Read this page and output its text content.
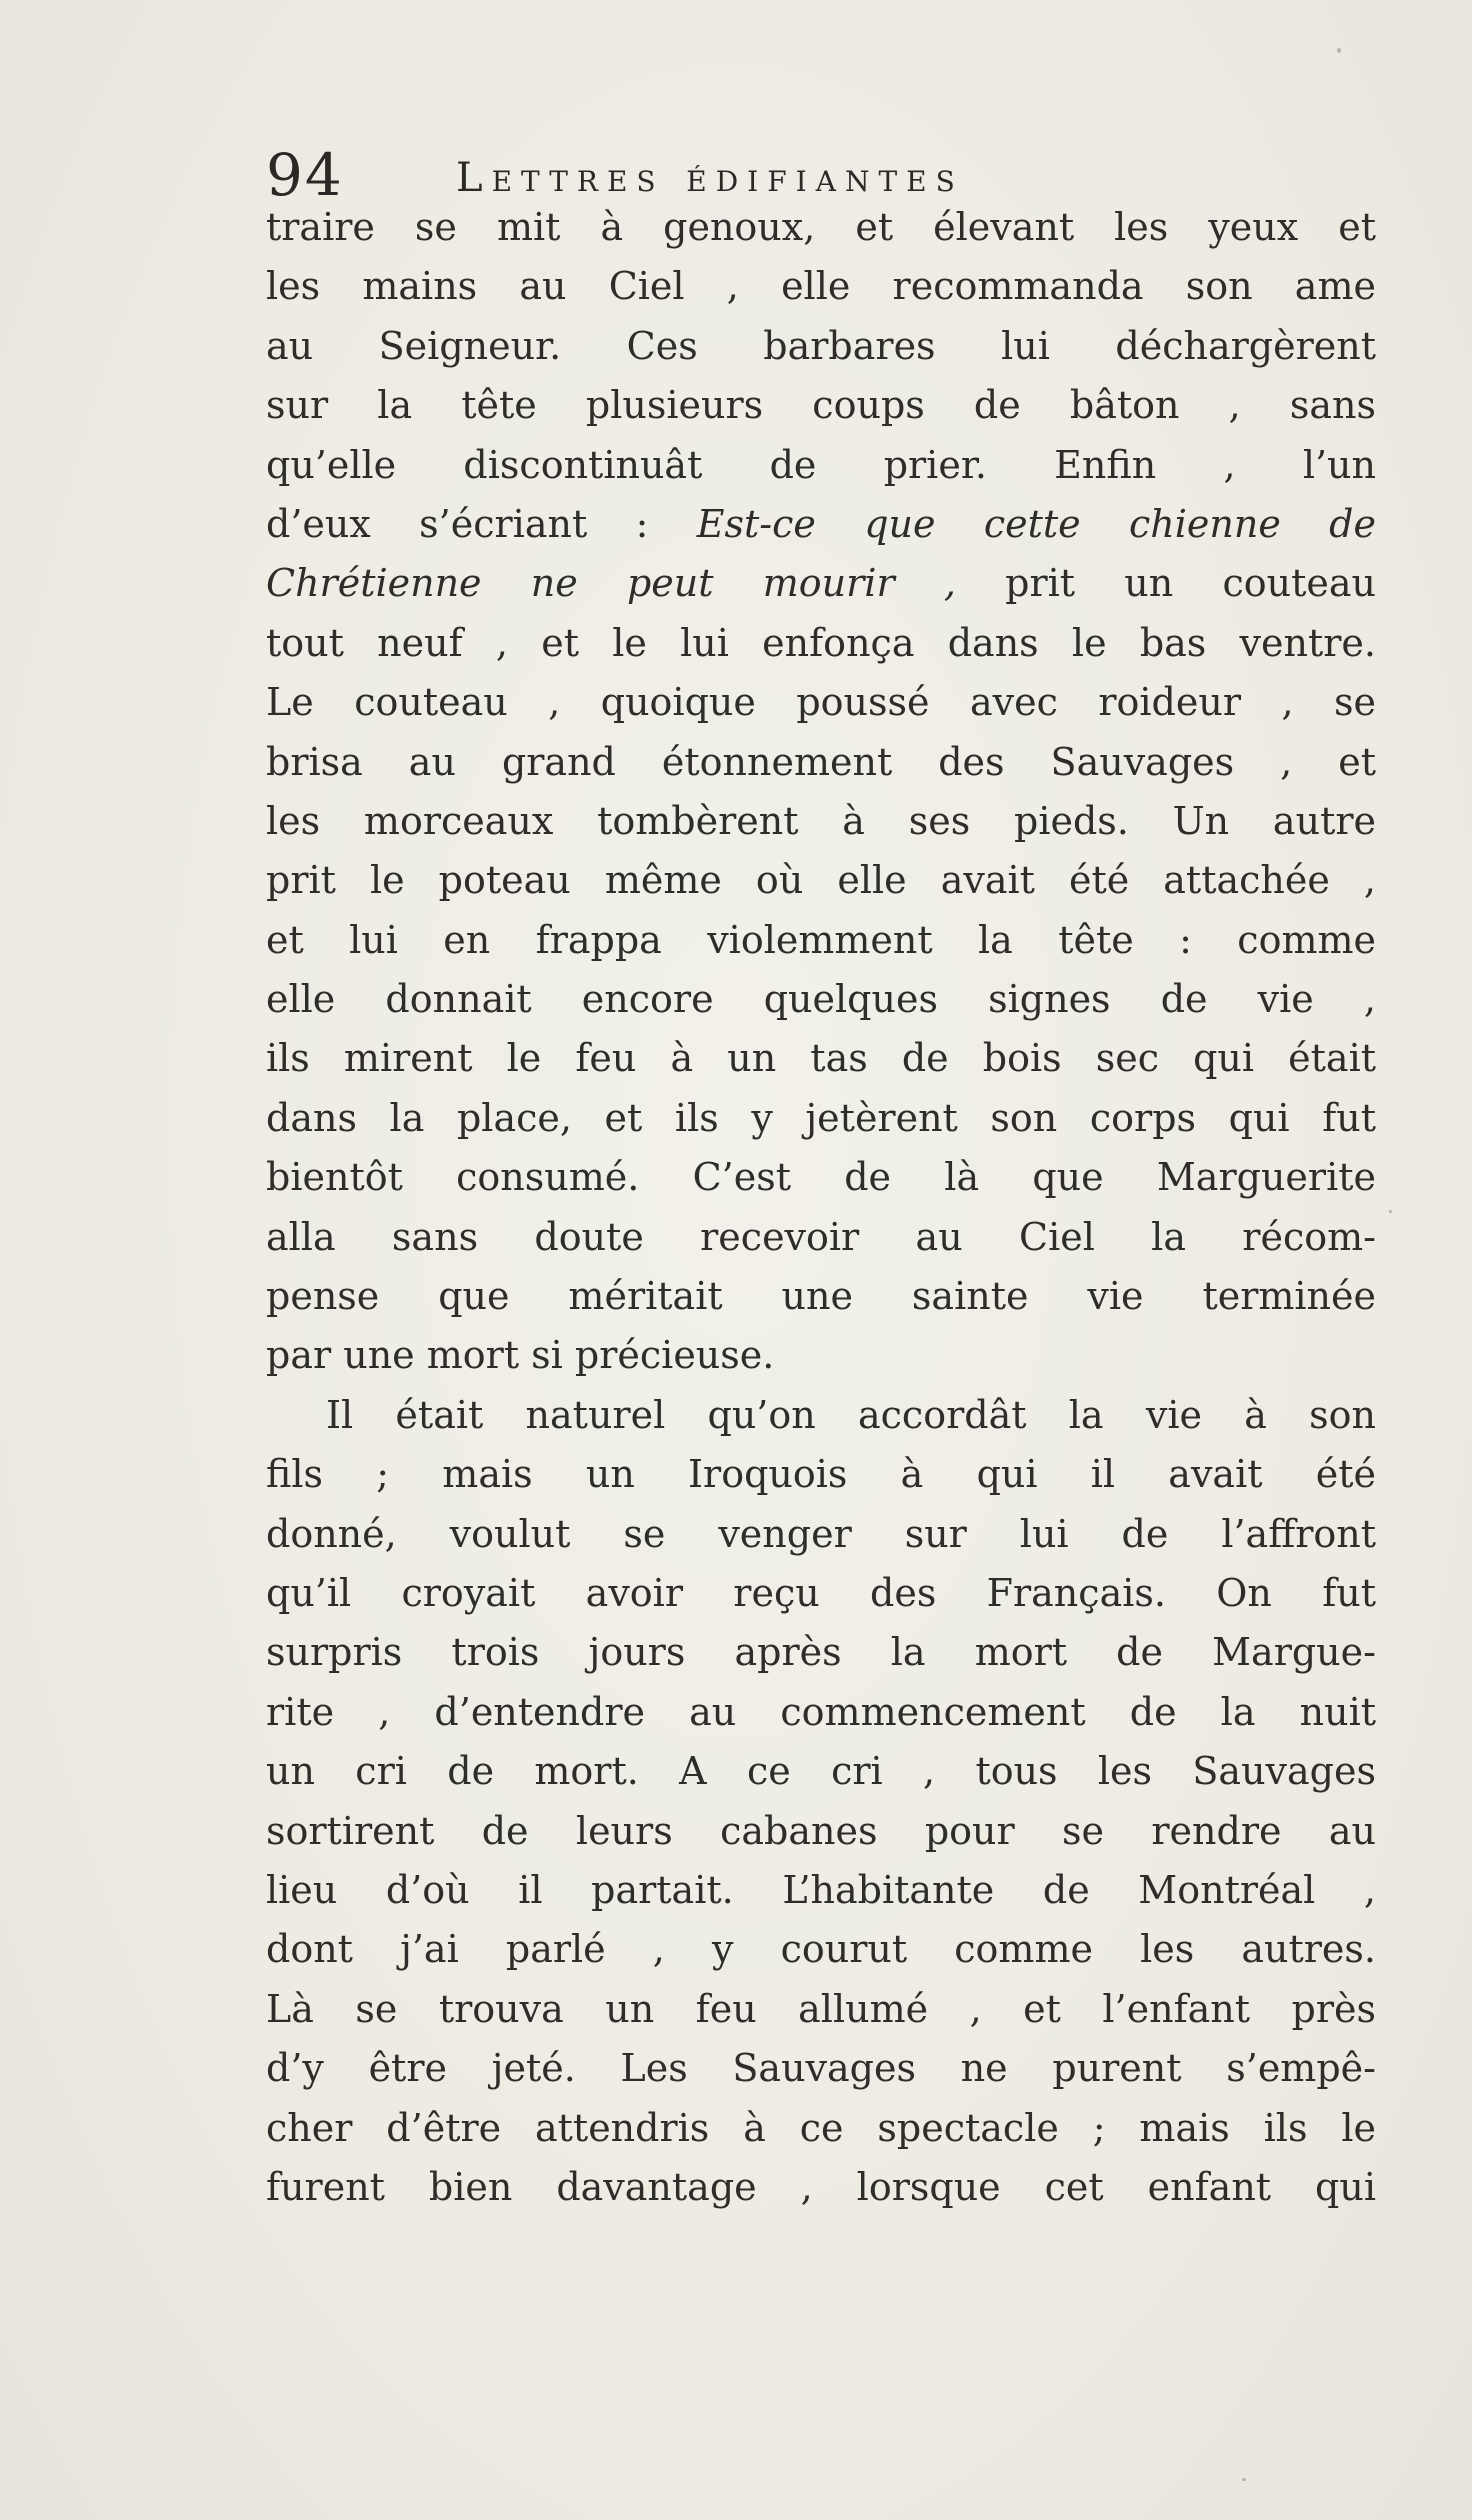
94	Lettres édifiantes
traire se mit à genoux, et élevant les yeux et
les mains au Ciel , elle recommanda son ame
au Seigneur. Ces barbares lui déchargèrent
sur la tête plusieurs coups de bâton , sans
qu’elle discontinuât de prier. Enfin , l’un
d’eux s’écriant : Est-ce que cette chienne de
Chrétienne ne peut mourir , prit un couteau
tout neuf , et le lui enfonça dans le bas ventre.
Le couteau , quoique poussé avec roideur , se
brisa au grand étonnement des Sauvages , et
les morceaux tombèrent à ses pieds. Un autre
prit le poteau même où elle avait été attachée ,
et lui en frappa violemment la tête : comme
elle donnait encore quelques signes de vie ,
ils mirent le feu à un tas de bois sec qui était
dans la place, et ils y jetèrent son corps qui fut
bientôt consumé. C’est de là que Marguerite
alla sans doute recevoir au Ciel la récom-
pense que méritait une sainte vie terminée
par une mort si précieuse.
Il était naturel qu’on accordât la vie à son
fils ; mais un Iroquois à qui il avait été
donné, voulut se venger sur lui de l’affront
qu’il croyait avoir reçu des Français. On fut
surpris trois jours après la mort de Margue-
rite , d’entendre au commencement de la nuit
un cri de mort. A ce cri , tous les Sauvages
sortirent de leurs cabanes pour se rendre au
lieu d’où il partait. L’habitante de Montréal ,
dont j’ai parlé , y courut comme les autres.
Là se trouva un feu allumé , et l’enfant près
d’y être jeté. Les Sauvages ne purent s’empê-
cher d’être attendris à ce spectacle ; mais ils le
furent bien davantage , lorsque cet enfant qui
